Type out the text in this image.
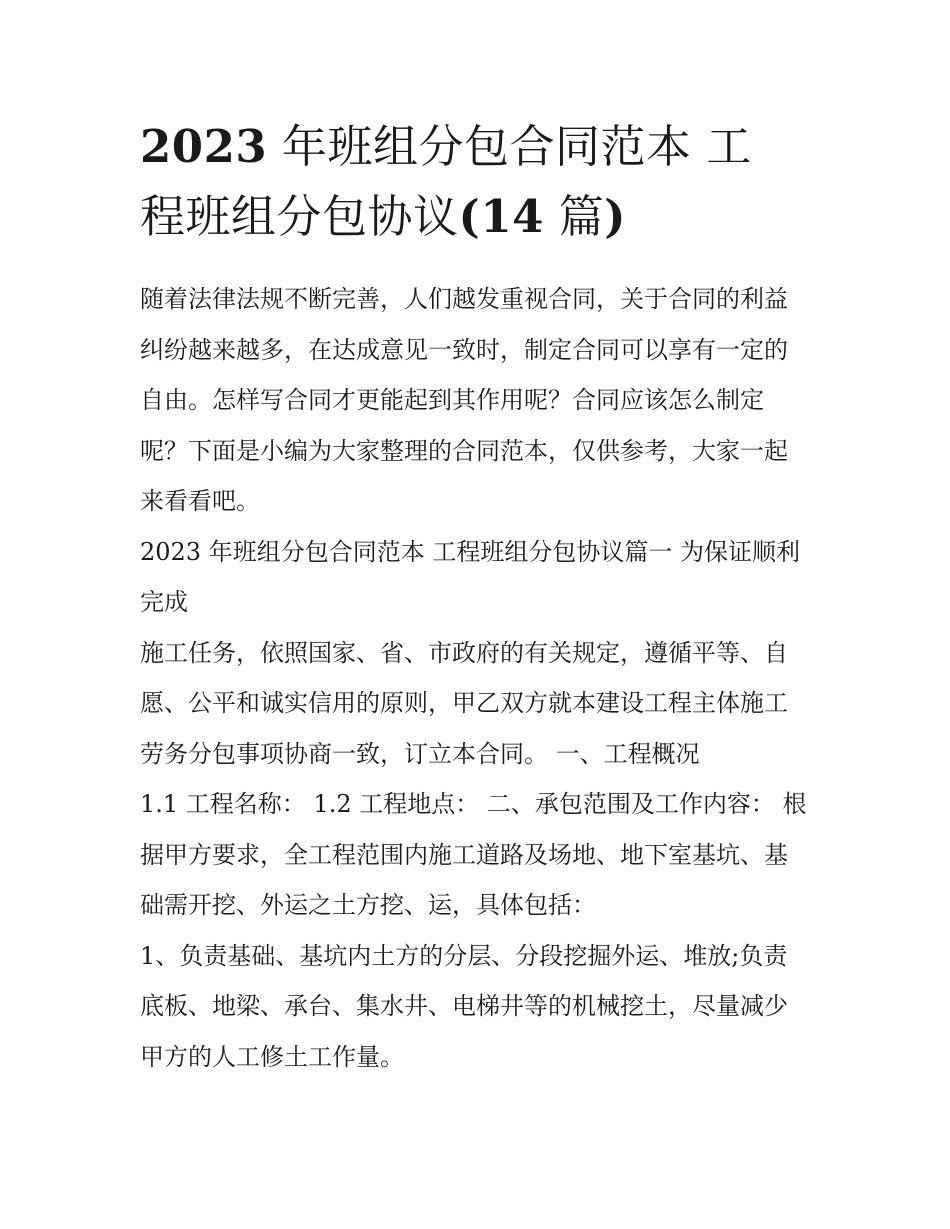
2023 年班组分包合同范本 工
程班组分包协议(14 篇)

随着法律法规不断完善，人们越发重视合同，关于合同的利益
纠纷越来越多，在达成意见一致时，制定合同可以享有一定的
自由。怎样写合同才更能起到其作用呢？合同应该怎么制定
呢？下面是小编为大家整理的合同范本，仅供参考，大家一起
来看看吧。

2023 年班组分包合同范本 工程班组分包协议篇一 为保证顺利
完成

施工任务，依照国家、省、市政府的有关规定，遵循平等、自
愿、公平和诚实信用的原则，甲乙双方就本建设工程主体施工
劳务分包事项协商一致，订立本合同。 一、工程概况

1.1 工程名称： 1.2 工程地点： 二、承包范围及工作内容： 根
据甲方要求，全工程范围内施工道路及场地、地下室基坑、基
础需开挖、外运之土方挖、运，具体包括：

1、负责基础、基坑内土方的分层、分段挖掘外运、堆放;负责
底板、地梁、承台、集水井、电梯井等的机械挖土，尽量减少
甲方的人工修土工作量。
